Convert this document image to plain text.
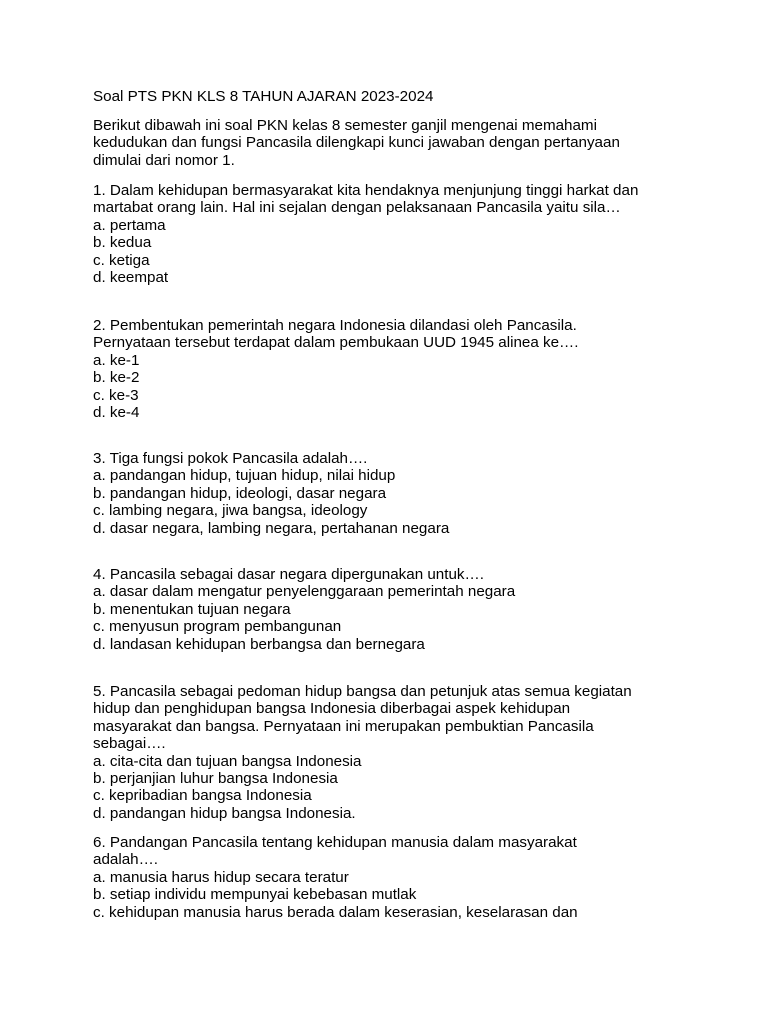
Soal PTS PKN KLS 8 TAHUN AJARAN 2023-2024

Berikut dibawah ini soal PKN kelas 8 semester ganjil mengenai memahami
kedudukan dan fungsi Pancasila dilengkapi kunci jawaban dengan pertanyaan
dimulai dari nomor 1.

1. Dalam kehidupan bermasyarakat kita hendaknya menjunjung tinggi harkat dan
martabat orang lain. Hal ini sejalan dengan pelaksanaan Pancasila yaitu sila…
a. pertama
b. kedua
c. ketiga
d. keempat
2. Pembentukan pemerintah negara Indonesia dilandasi oleh Pancasila.
Pernyataan tersebut terdapat dalam pembukaan UUD 1945 alinea ke….
a. ke-1
b. ke-2
c. ke-3
d. ke-4
3. Tiga fungsi pokok Pancasila adalah….
a. pandangan hidup, tujuan hidup, nilai hidup
b. pandangan hidup, ideologi, dasar negara
c. lambing negara, jiwa bangsa, ideology
d. dasar negara, lambing negara, pertahanan negara
4. Pancasila sebagai dasar negara dipergunakan untuk….
a. dasar dalam mengatur penyelenggaraan pemerintah negara
b. menentukan tujuan negara
c. menyusun program pembangunan
d. landasan kehidupan berbangsa dan bernegara
5. Pancasila sebagai pedoman hidup bangsa dan petunjuk atas semua kegiatan
hidup dan penghidupan bangsa Indonesia diberbagai aspek kehidupan
masyarakat dan bangsa. Pernyataan ini merupakan pembuktian Pancasila
sebagai….
a. cita-cita dan tujuan bangsa Indonesia
b. perjanjian luhur bangsa Indonesia
c. kepribadian bangsa Indonesia
d. pandangan hidup bangsa Indonesia.
6. Pandangan Pancasila tentang kehidupan manusia dalam masyarakat
adalah….
a. manusia harus hidup secara teratur
b. setiap individu mempunyai kebebasan mutlak
c. kehidupan manusia harus berada dalam keserasian, keselarasan dan
